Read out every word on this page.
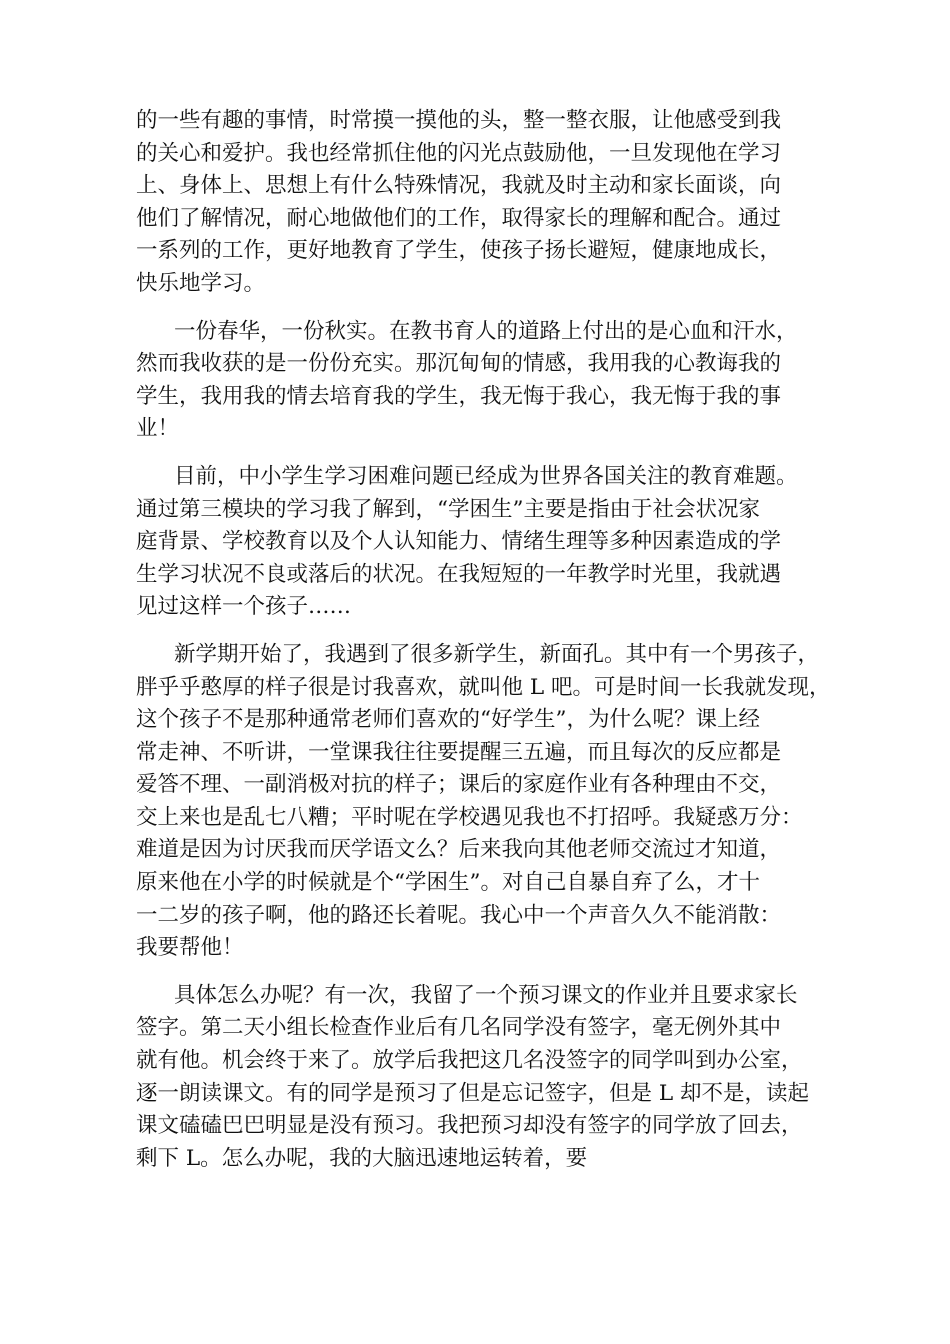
的一些有趣的事情，时常摸一摸他的头，整一整衣服，让他感受到我
的关心和爱护。我也经常抓住他的闪光点鼓励他，一旦发现他在学习
上、身体上、思想上有什么特殊情况，我就及时主动和家长面谈，向
他们了解情况，耐心地做他们的工作，取得家长的理解和配合。通过
一系列的工作，更好地教育了学生，使孩子扬长避短，健康地成长，
快乐地学习。
一份春华，一份秋实。在教书育人的道路上付出的是心血和汗水，
然而我收获的是一份份充实。那沉甸甸的情感，我用我的心教诲我的
学生，我用我的情去培育我的学生，我无悔于我心，我无悔于我的事
业！
目前，中小学生学习困难问题已经成为世界各国关注的教育难题。
通过第三模块的学习我了解到，“学困生”主要是指由于社会状况家
庭背景、学校教育以及个人认知能力、情绪生理等多种因素造成的学
生学习状况不良或落后的状况。在我短短的一年教学时光里，我就遇
见过这样一个孩子……
新学期开始了，我遇到了很多新学生，新面孔。其中有一个男孩子，
胖乎乎憨厚的样子很是讨我喜欢，就叫他 L 吧。可是时间一长我就发现，
这个孩子不是那种通常老师们喜欢的“好学生”，为什么呢？课上经
常走神、不听讲，一堂课我往往要提醒三五遍，而且每次的反应都是
爱答不理、一副消极对抗的样子；课后的家庭作业有各种理由不交，
交上来也是乱七八糟；平时呢在学校遇见我也不打招呼。我疑惑万分：
难道是因为讨厌我而厌学语文么？后来我向其他老师交流过才知道，
原来他在小学的时候就是个“学困生”。对自己自暴自弃了么，才十
一二岁的孩子啊，他的路还长着呢。我心中一个声音久久不能消散：
我要帮他！
具体怎么办呢？有一次，我留了一个预习课文的作业并且要求家长
签字。第二天小组长检查作业后有几名同学没有签字，毫无例外其中
就有他。机会终于来了。放学后我把这几名没签字的同学叫到办公室，
逐一朗读课文。有的同学是预习了但是忘记签字，但是 L 却不是，读起
课文磕磕巴巴明显是没有预习。我把预习却没有签字的同学放了回去，
剩下 L。怎么办呢，我的大脑迅速地运转着，要
